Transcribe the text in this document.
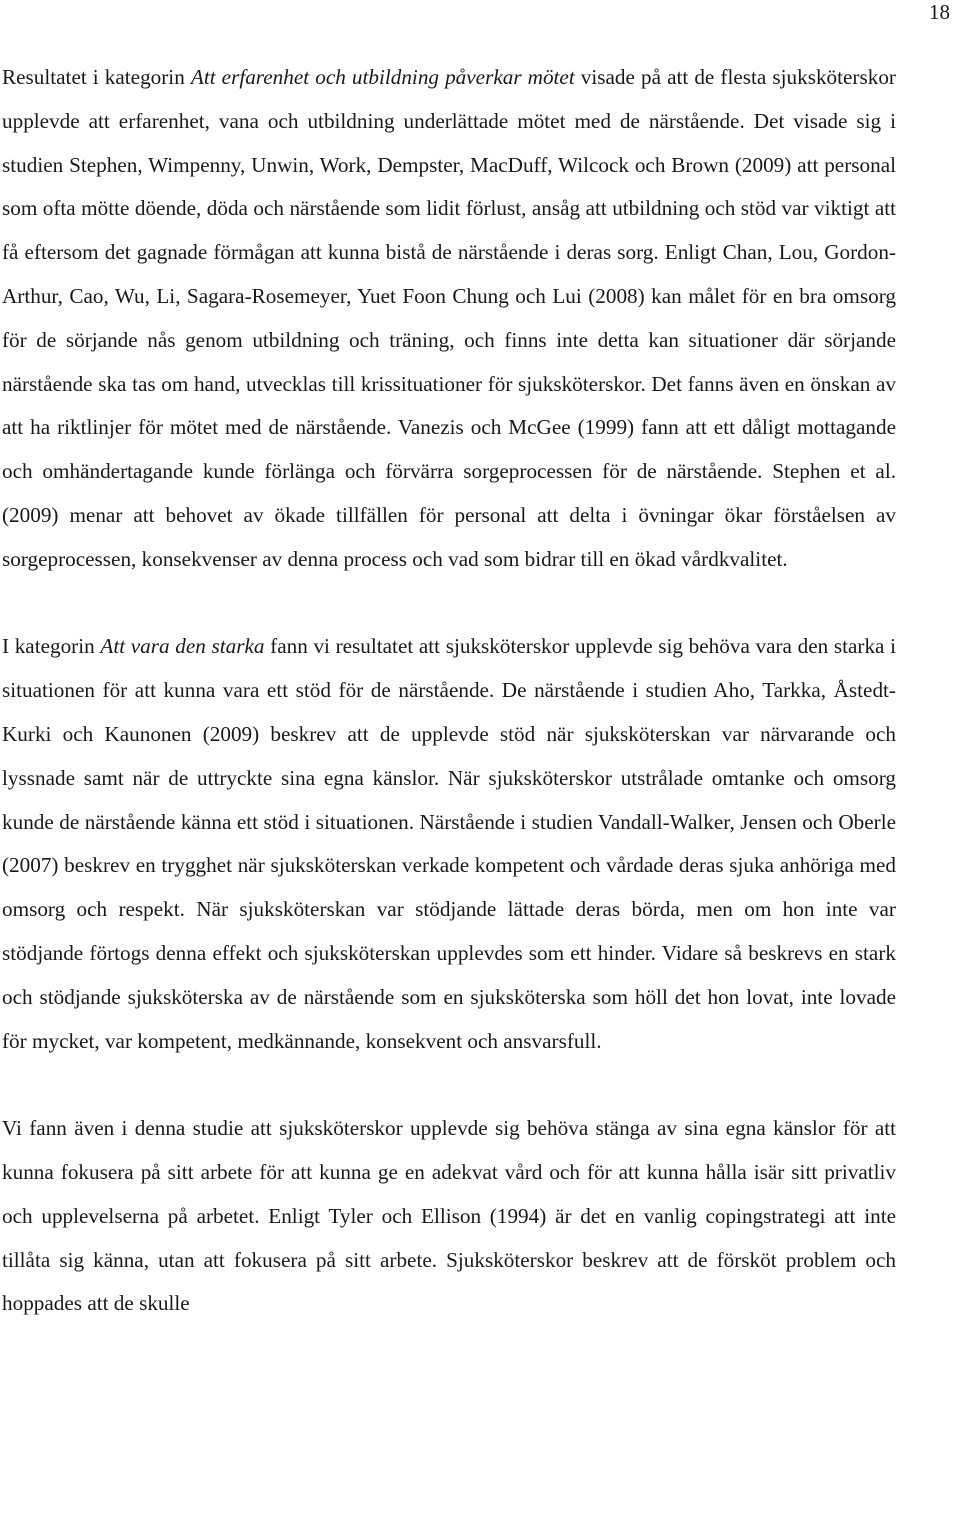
18

Resultatet i kategorin Att erfarenhet och utbildning påverkar mötet visade på att de flesta sjuksköterskor upplevde att erfarenhet, vana och utbildning underlättade mötet med de närstående. Det visade sig i studien Stephen, Wimpenny, Unwin, Work, Dempster, MacDuff, Wilcock och Brown (2009) att personal som ofta mötte döende, döda och närstående som lidit förlust, ansåg att utbildning och stöd var viktigt att få eftersom det gagnade förmågan att kunna bistå de närstående i deras sorg. Enligt Chan, Lou, Gordon-Arthur, Cao, Wu, Li, Sagara-Rosemeyer, Yuet Foon Chung och Lui (2008) kan målet för en bra omsorg för de sörjande nås genom utbildning och träning, och finns inte detta kan situationer där sörjande närstående ska tas om hand, utvecklas till krissituationer för sjuksköterskor. Det fanns även en önskan av att ha riktlinjer för mötet med de närstående. Vanezis och McGee (1999) fann att ett dåligt mottagande och omhändertagande kunde förlänga och förvärra sorgeprocessen för de närstående. Stephen et al. (2009) menar att behovet av ökade tillfällen för personal att delta i övningar ökar förståelsen av sorgeprocessen, konsekvenser av denna process och vad som bidrar till en ökad vårdkvalitet.

I kategorin Att vara den starka fann vi resultatet att sjuksköterskor upplevde sig behöva vara den starka i situationen för att kunna vara ett stöd för de närstående. De närstående i studien Aho, Tarkka, Åstedt- Kurki och Kaunonen (2009) beskrev att de upplevde stöd när sjuksköterskan var närvarande och lyssnade samt när de uttryckte sina egna känslor. När sjuksköterskor utstrålade omtanke och omsorg kunde de närstående känna ett stöd i situationen. Närstående i studien Vandall-Walker, Jensen och Oberle (2007) beskrev en trygghet när sjuksköterskan verkade kompetent och vårdade deras sjuka anhöriga med omsorg och respekt. När sjuksköterskan var stödjande lättade deras börda, men om hon inte var stödjande förtogs denna effekt och sjuksköterskan upplevdes som ett hinder. Vidare så beskrevs en stark och stödjande sjuksköterska av de närstående som en sjuksköterska som höll det hon lovat, inte lovade för mycket, var kompetent, medkännande, konsekvent och ansvarsfull.

Vi fann även i denna studie att sjuksköterskor upplevde sig behöva stänga av sina egna känslor för att kunna fokusera på sitt arbete för att kunna ge en adekvat vård och för att kunna hålla isär sitt privatliv och upplevelserna på arbetet. Enligt Tyler och Ellison (1994) är det en vanlig copingstrategi att inte tillåta sig känna, utan att fokusera på sitt arbete. Sjuksköterskor beskrev att de försköt problem och hoppades att de skulle
